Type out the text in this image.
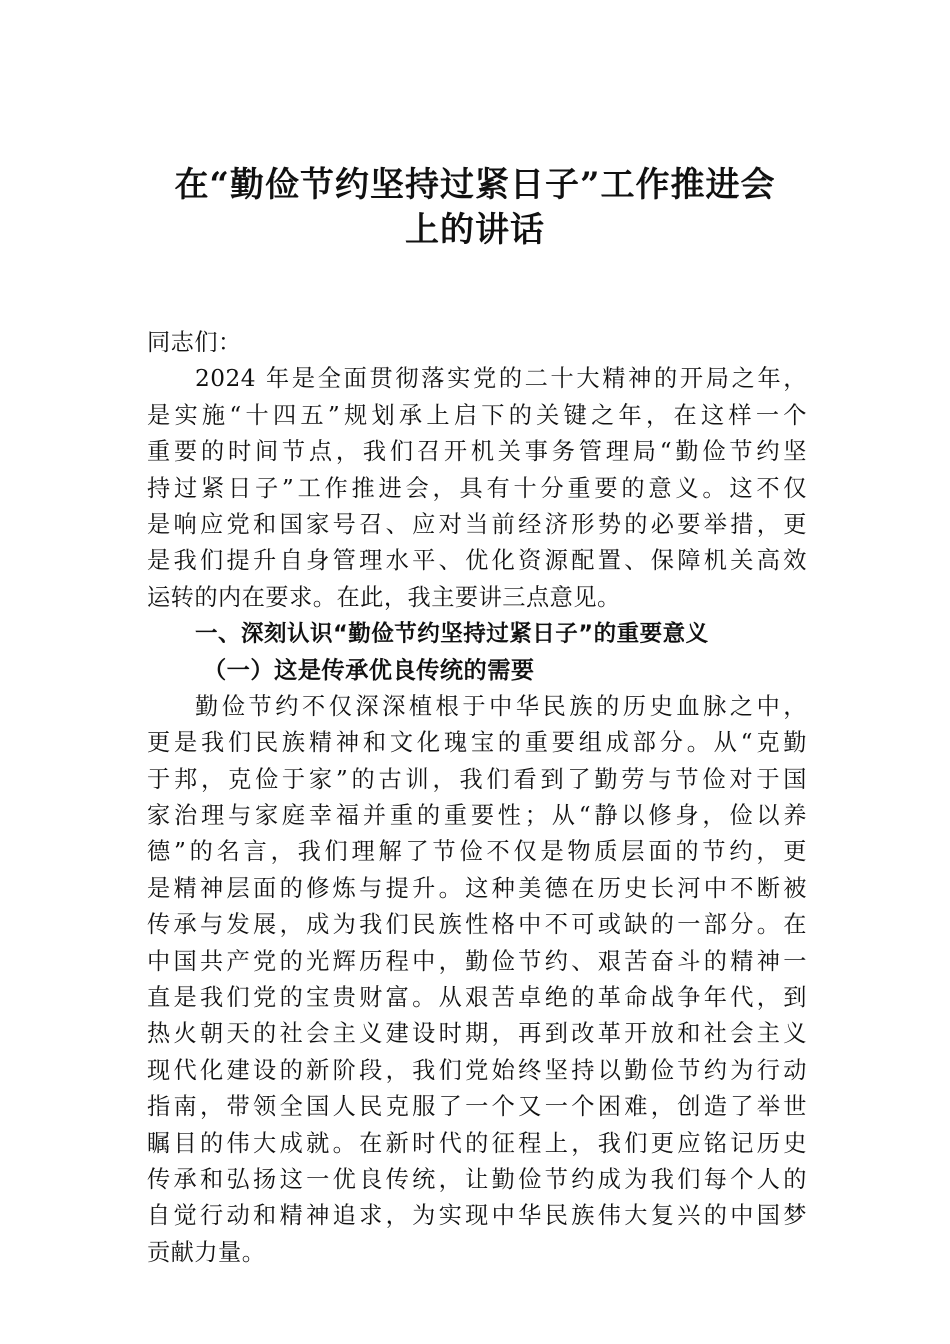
在“勤俭节约坚持过紧日子”工作推进会
上的讲话
同志们：
2024 年是全面贯彻落实党的二十大精神的开局之年，
是实施“十四五”规划承上启下的关键之年，在这样一个
重要的时间节点，我们召开机关事务管理局“勤俭节约坚
持过紧日子”工作推进会，具有十分重要的意义。这不仅
是响应党和国家号召、应对当前经济形势的必要举措，更
是我们提升自身管理水平、优化资源配置、保障机关高效
运转的内在要求。在此，我主要讲三点意见。
一、深刻认识“勤俭节约坚持过紧日子”的重要意义
（一）这是传承优良传统的需要
勤俭节约不仅深深植根于中华民族的历史血脉之中，
更是我们民族精神和文化瑰宝的重要组成部分。从“克勤
于邦，克俭于家”的古训，我们看到了勤劳与节俭对于国
家治理与家庭幸福并重的重要性；从“静以修身，俭以养
德”的名言，我们理解了节俭不仅是物质层面的节约，更
是精神层面的修炼与提升。这种美德在历史长河中不断被
传承与发展，成为我们民族性格中不可或缺的一部分。在
中国共产党的光辉历程中，勤俭节约、艰苦奋斗的精神一
直是我们党的宝贵财富。从艰苦卓绝的革命战争年代，到
热火朝天的社会主义建设时期，再到改革开放和社会主义
现代化建设的新阶段，我们党始终坚持以勤俭节约为行动
指南，带领全国人民克服了一个又一个困难，创造了举世
瞩目的伟大成就。在新时代的征程上，我们更应铭记历史
传承和弘扬这一优良传统，让勤俭节约成为我们每个人的
自觉行动和精神追求，为实现中华民族伟大复兴的中国梦
贡献力量。
